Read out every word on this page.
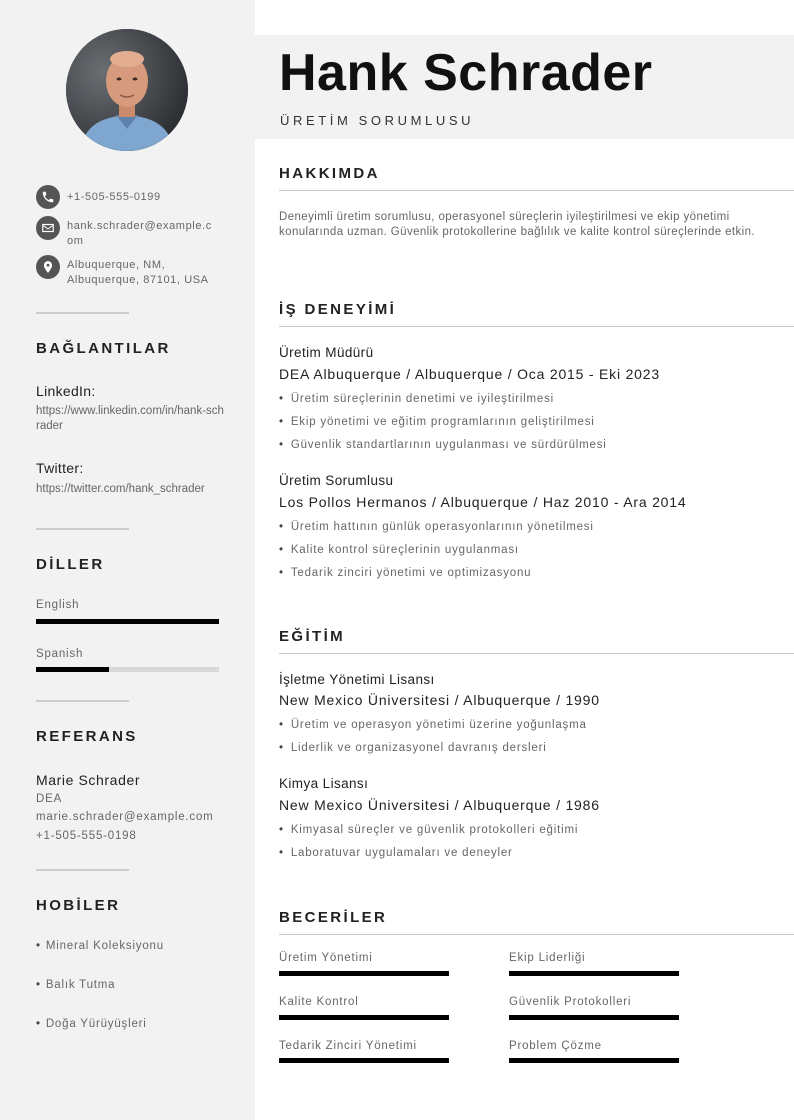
+1-505-555-0199
hank.schrader@example.com
Albuquerque, NM, Albuquerque, 87101, USA
BAĞLANTILAR
LinkedIn:
https://www.linkedin.com/in/hank-schrader
Twitter:
https://twitter.com/hank_schrader
DİLLER
English
Spanish
REFERANS
Marie Schrader
DEA
marie.schrader@example.com
+1-505-555-0198
HOBİLER
• Mineral Koleksiyonu
• Balık Tutma
• Doğa Yürüyüşleri
Hank Schrader
ÜRETİM SORUMLUSU
HAKKIMDA
Deneyimli üretim sorumlusu, operasyonel süreçlerin iyileştirilmesi ve ekip yönetimi konularında uzman. Güvenlik protokollerine bağlılık ve kalite kontrol süreçlerinde etkin.
İŞ DENEYİMİ
Üretim Müdürü
DEA Albuquerque / Albuquerque / Oca 2015 - Eki 2023
• Üretim süreçlerinin denetimi ve iyileştirilmesi
• Ekip yönetimi ve eğitim programlarının geliştirilmesi
• Güvenlik standartlarının uygulanması ve sürdürülmesi
Üretim Sorumlusu
Los Pollos Hermanos / Albuquerque / Haz 2010 - Ara 2014
• Üretim hattının günlük operasyonlarının yönetilmesi
• Kalite kontrol süreçlerinin uygulanması
• Tedarik zinciri yönetimi ve optimizasyonu
EĞİTİM
İşletme Yönetimi Lisansı
New Mexico Üniversitesi / Albuquerque / 1990
• Üretim ve operasyon yönetimi üzerine yoğunlaşma
• Liderlik ve organizasyonel davranış dersleri
Kimya Lisansı
New Mexico Üniversitesi / Albuquerque / 1986
• Kimyasal süreçler ve güvenlik protokolleri eğitimi
• Laboratuvar uygulamaları ve deneyler
BECERİLER
Üretim Yönetimi	Ekip Liderliği
Kalite Kontrol	Güvenlik Protokolleri
Tedarik Zinciri Yönetimi	Problem Çözme
